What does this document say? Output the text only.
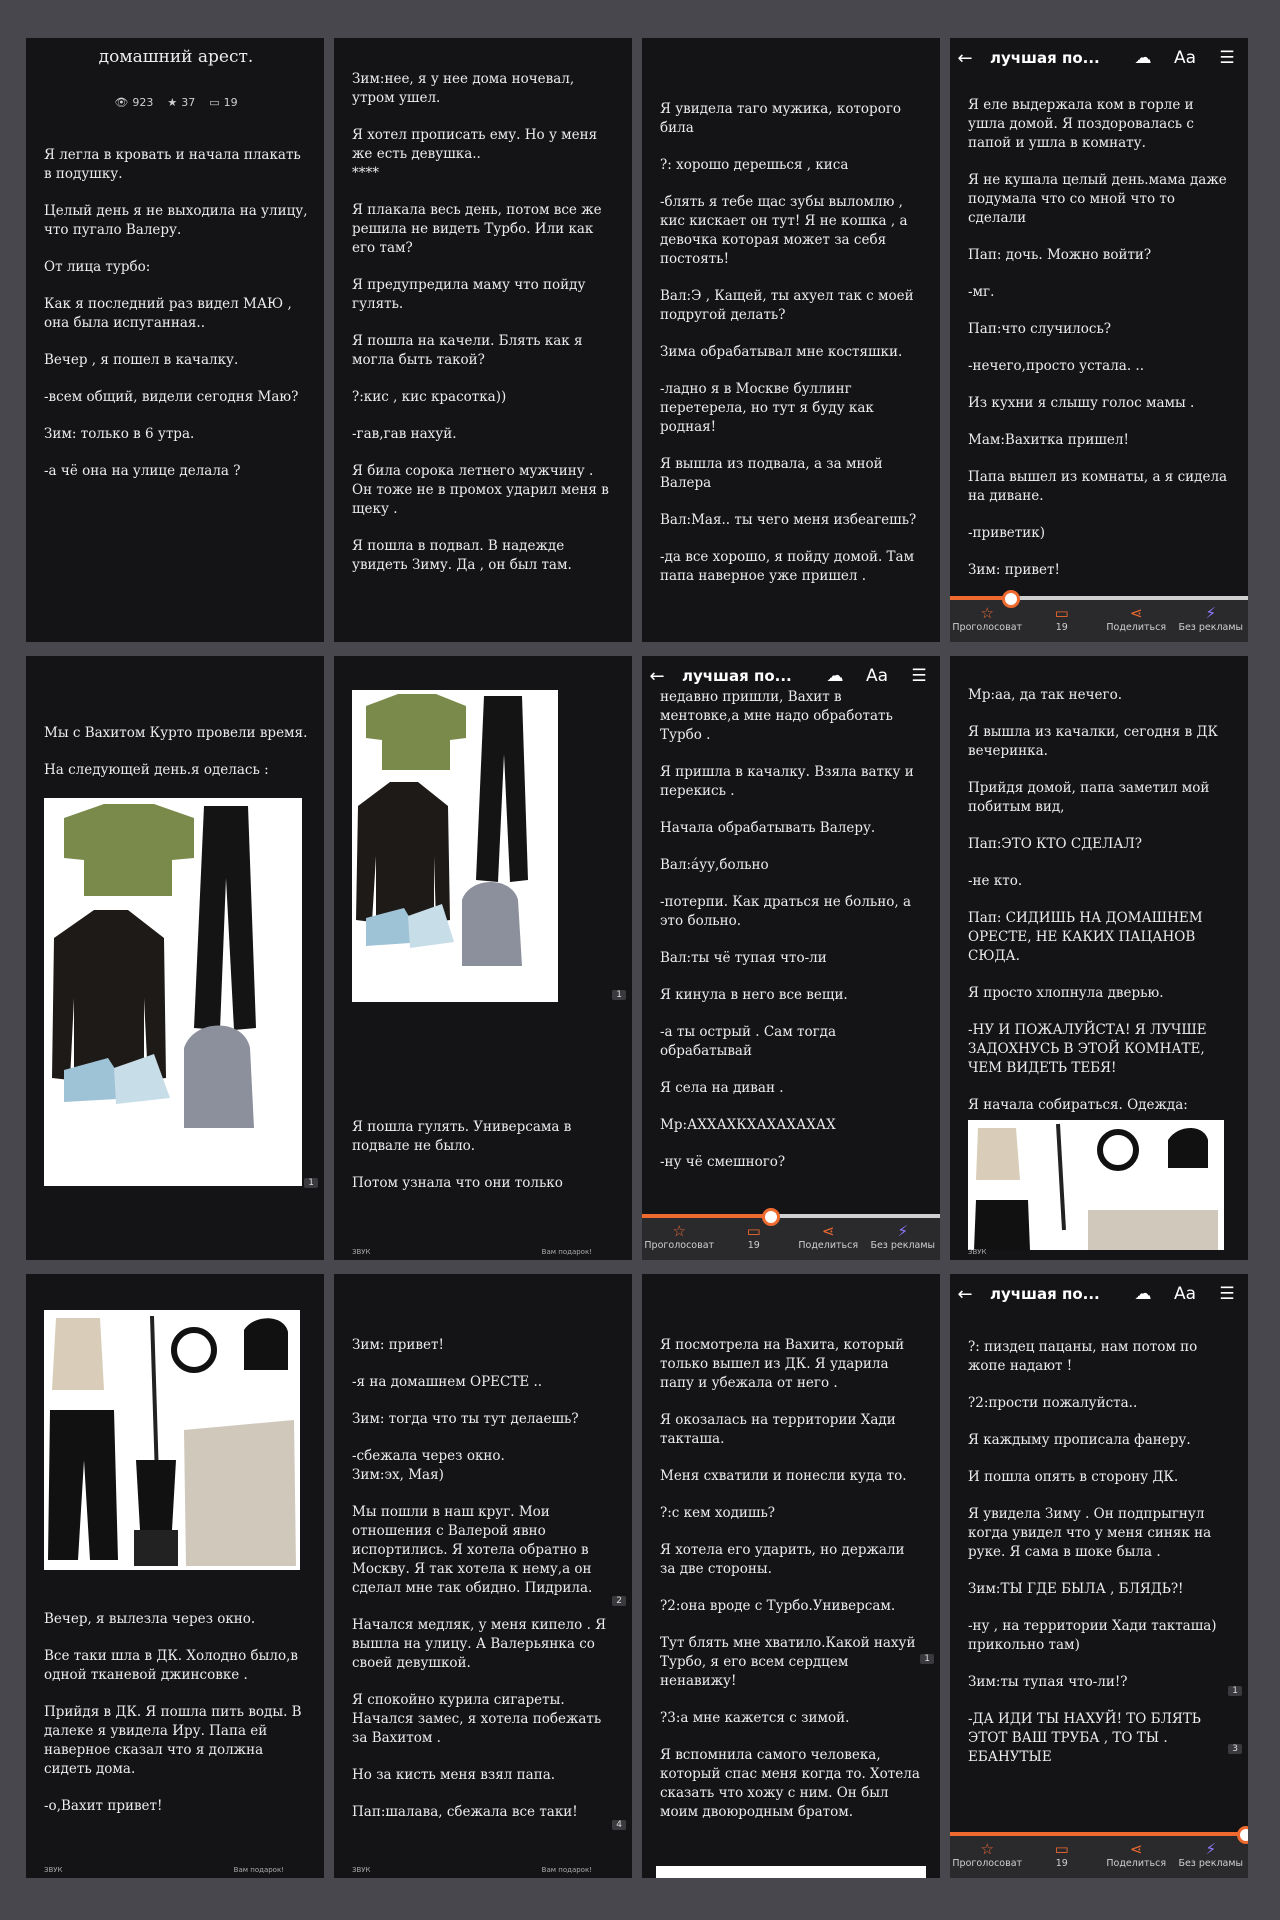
домашний арест.
👁 923 ★ 37 ▭ 19

Я легла в кровать и начала плакать в подушку.

Целый день я не выходила на улицу, что пугало Валеру.

От лица турбо:

Как я последний раз видел МАЮ , она была испуганная..

Вечер , я пошел в качалку.

-всем общий, видели сегодня Маю?

Зим: только в 6 утра.

-а чё она на улице делала ?

Зим:нее, я у нее дома ночевал, утром ушел.

Я хотел прописать ему. Но у меня же есть девушка..
****

Я плакала весь день, потом все же решила не видеть Турбо. Или как его там?

Я предупредила маму что пойду гулять.

Я пошла на качели. Блять как я могла быть такой?

?:кис , кис красотка))

-гав,гав нахуй.

Я била сорока летнего мужчину . Он тоже не в промох ударил меня в щеку .

Я пошла в подвал. В надежде увидеть Зиму. Да , он был там.

Я увидела таго мужика, которого била

?: хорошо дерешься , киса

-блять я тебе щас зубы выломлю , кис кискает он тут! Я не кошка , а девочка которая может за себя постоять!

Вал:Э , Кащей, ты ахуел так с моей подругой делать?

Зима обрабатывал мне костяшки.

-ладно я в Москве буллинг перетерела, но тут я буду как родная!

Я вышла из подвала, а за мной Валера

Вал:Мая.. ты чего меня избеагешь?

-да все хорошо, я пойду домой. Там папа наверное уже пришел .

←	лучшая по...	☁	Aa	☰

Я еле выдержала ком в горле и ушла домой. Я поздоровалась с папой и ушла в комнату.

Я не кушала целый день.мама даже подумала что со мной что то сделали

Пап: дочь. Можно войти?

-мг.

Пап:что случилось?

-нечего,просто устала. ..

Из кухни я слышу голос мамы .

Мам:Вахитка пришел!

Папа вышел из комнаты, а я сидела на диване.

-приветик)

Зим: привет!

☆
Проголосоват
▭
19
⋖
Поделиться
⚡
Без рекламы

Мы с Вахитом Курто провели время.

На следующей день.я оделась :

1
1

Я пошла гулять. Универсама в подвале не было.

Потом узнала что они только

ЗВУК	Вам подарок!
←	лучшая по...	☁	Aa	☰

недавно пришли, Вахит в ментовке,а мне надо обработать Турбо .

Я пришла в качалку. Взяла ватку и перекись .

Начала обрабатывать Валеру.

Вал:áуу,больно

-потерпи. Как драться не больно, а это больно.

Вал:ты чё тупая что-ли

Я кинула в него все вещи.

-а ты острый . Сам тогда обрабатывай

Я села на диван .

Мр:АХХАХКХАХАХАХАХ

-ну чё смешного?

☆
Проголосоват
▭
19
⋖
Поделиться
⚡
Без рекламы

Мр:аа, да так нечего.

Я вышла из качалки, сегодня в ДК вечеринка.

Прийдя домой, папа заметил мой побитым вид,

Пап:ЭТО КТО СДЕЛАЛ?

-не кто.

Пап: СИДИШЬ НА ДОМАШНЕМ ОРЕСТЕ, НЕ КАКИХ ПАЦАНОВ СЮДА.

Я просто хлопнула дверью.

-НУ И ПОЖАЛУЙСТА! Я ЛУЧШЕ ЗАДОХНУСЬ В ЭТОЙ КОМНАТЕ, ЧЕМ ВИДЕТЬ ТЕБЯ!

Я начала собираться. Одежда:

ЗВУК

Вечер, я вылезла через окно.

Все таки шла в ДК. Холодно было,в одной тканевой джинсовке .

Прийдя в ДК. Я пошла пить воды. В далеке я увидела Иру. Папа ей наверное сказал что я должна сидеть дома.

-о,Вахит привет!

ЗВУК	Вам подарок!

Зим: привет!

-я на домашнем ОРЕСТЕ ..

Зим: тогда что ты тут делаешь?

-сбежала через окно.
Зим:эх, Мая)

Мы пошли в наш круг. Мои отношения с Валерой явно испортились. Я хотела обратно в Москву. Я так хотела к нему,а он сделал мне так обидно. Пидрила.

Начался медляк, у меня кипело . Я вышла на улицу. А Валерьянка со своей девушкой.

Я спокойно курила сигареты. Начался замес, я хотела побежать за Вахитом .

Но за кисть меня взял папа.

Пап:шалава, сбежала все таки!

2
4
ЗВУК	Вам подарок!

Я посмотрела на Вахита, который только вышел из ДК. Я ударила папу и убежала от него .

Я окозалась на территории Хади такташа.

Меня схватили и понесли куда то.

?:с кем ходишь?

Я хотела его ударить, но держали за две стороны.

?2:она вроде с Турбо.Универсам.

Тут блять мне хватило.Какой нахуй Турбо, я его всем сердцем ненавижу!

?3:а мне кажется с зимой.

Я вспомнила самого человека, который спас меня когда то. Хотела сказать что хожу с ним. Он был моим двоюродным братом.

1
←	лучшая по...	☁	Aa	☰

?: пиздец пацаны, нам потом по жопе надают !

?2:прости пожалуйста..

Я каждыму прописала фанеру.

И пошла опять в сторону ДК.

Я увидела Зиму . Он подпрыгнул когда увидел что у меня синяк на руке. Я сама в шоке была .

Зим:ТЫ ГДЕ БЫЛА , БЛЯДЬ?!

-ну , на территории Хади такташа) прикольно там)

Зим:ты тупая что-ли!?

-ДА ИДИ ТЫ НАХУЙ! ТО БЛЯТЬ ЭТОТ ВАШ ТРУБА , ТО ТЫ . ЕБАНУТЫЕ

1
3
☆
Проголосоват
▭
19
⋖
Поделиться
⚡
Без рекламы
